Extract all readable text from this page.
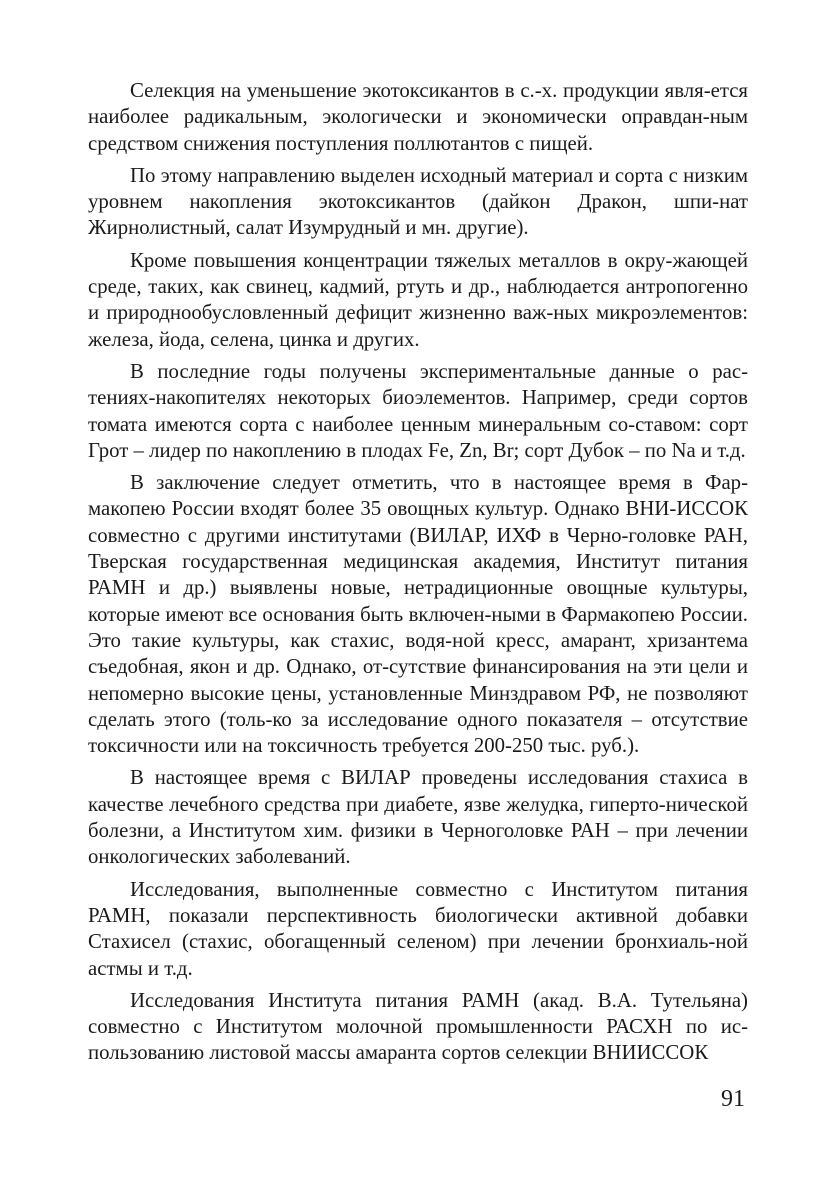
Селекция на уменьшение экотоксикантов в с.-х. продукции явля-ется наиболее радикальным, экологически и экономически оправдан-ным средством снижения поступления поллютантов с пищей.

По этому направлению выделен исходный материал и сорта с низким уровнем накопления экотоксикантов (дайкон Дракон, шпи-нат Жирнолистный, салат Изумрудный и мн. другие).

Кроме повышения концентрации тяжелых металлов в окру-жающей среде, таких, как свинец, кадмий, ртуть и др., наблюдается антропогенно и природнообусловленный дефицит жизненно важ-ных микроэлементов: железа, йода, селена, цинка и других.

В последние годы получены экспериментальные данные о рас-тениях-накопителях некоторых биоэлементов. Например, среди сортов томата имеются сорта с наиболее ценным минеральным со-ставом: сорт Грот – лидер по накоплению в плодах Fe, Zn, Br; сорт Дубок – по Na и т.д.

В заключение следует отметить, что в настоящее время в Фар-макопею России входят более 35 овощных культур. Однако ВНИ-ИССОК совместно с другими институтами (ВИЛАР, ИХФ в Черно-головке РАН, Тверская государственная медицинская академия, Институт питания РАМН и др.) выявлены новые, нетрадиционные овощные культуры, которые имеют все основания быть включен-ными в Фармакопею России. Это такие культуры, как стахис, водя-ной кресс, амарант, хризантема съедобная, якон и др. Однако, от-сутствие финансирования на эти цели и непомерно высокие цены, установленные Минздравом РФ, не позволяют сделать этого (толь-ко за исследование одного показателя – отсутствие токсичности или на токсичность требуется 200-250 тыс. руб.).

В настоящее время с ВИЛАР проведены исследования стахиса в качестве лечебного средства при диабете, язве желудка, гиперто-нической болезни, а Институтом хим. физики в Черноголовке РАН – при лечении онкологических заболеваний.

Исследования, выполненные совместно с Институтом питания РАМН, показали перспективность биологически активной добавки Стахисел (стахис, обогащенный селеном) при лечении бронхиаль-ной астмы и т.д.

Исследования Института питания РАМН (акад. В.А. Тутельяна) совместно с Институтом молочной промышленности РАСХН по ис-пользованию листовой массы амаранта сортов селекции ВНИИССОК

91
